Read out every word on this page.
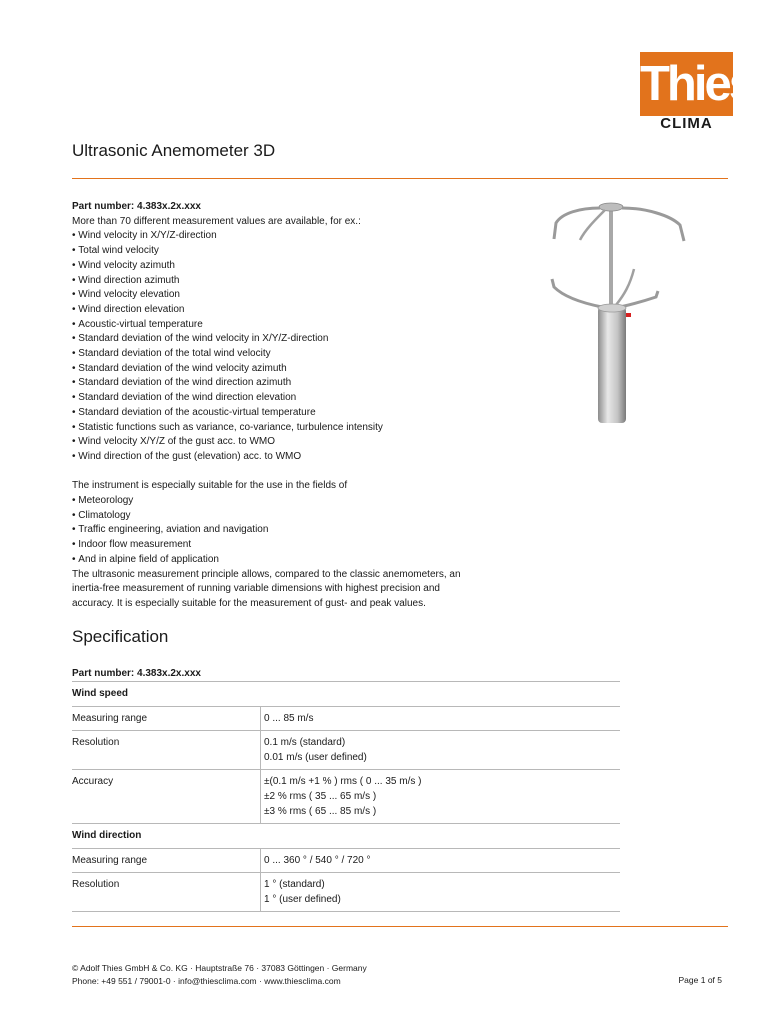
Thies
CLIMA
Ultrasonic Anemometer 3D
Part number: 4.383x.2x.xxx
More than 70 different measurement values are available, for ex.:
• Wind velocity in X/Y/Z-direction
• Total wind velocity
• Wind velocity azimuth
• Wind direction azimuth
• Wind velocity elevation
• Wind direction elevation
• Acoustic-virtual temperature
• Standard deviation of the wind velocity in X/Y/Z-direction
• Standard deviation of the total wind velocity
• Standard deviation of the wind velocity azimuth
• Standard deviation of the wind direction azimuth
• Standard deviation of the wind direction elevation
• Standard deviation of the acoustic-virtual temperature
• Statistic functions such as variance, co-variance, turbulence intensity
• Wind velocity X/Y/Z of the gust acc. to WMO
• Wind direction of the gust (elevation) acc. to WMO
The instrument is especially suitable for the use in the fields of
• Meteorology
• Climatology
• Traffic engineering, aviation and navigation
• Indoor flow measurement
• And in alpine field of application
The ultrasonic measurement principle allows, compared to the classic anemometers, an
inertia-free measurement of running variable dimensions with highest precision and
accuracy. It is especially suitable for the measurement of gust- and peak values.
Specification
Part number: 4.383x.2x.xxx
Wind speed	
Measuring range	0 ... 85 m/s

Resolution	0.1 m/s (standard)
0.01 m/s (user defined)

Accuracy	±(0.1 m/s +1 % ) rms ( 0 ... 35 m/s )
±2 % rms ( 35 ... 65 m/s )
±3 % rms ( 65 ... 85 m/s )

Wind direction	
Measuring range	0 ... 360 ° / 540 ° / 720 °

Resolution	1 ° (standard)
1 ° (user defined)
© Adolf Thies GmbH & Co. KG · Hauptstraße 76 · 37083 Göttingen · Germany
Phone: +49 551 / 79001-0 · info@thiesclima.com · www.thiesclima.com	Page 1 of 5
